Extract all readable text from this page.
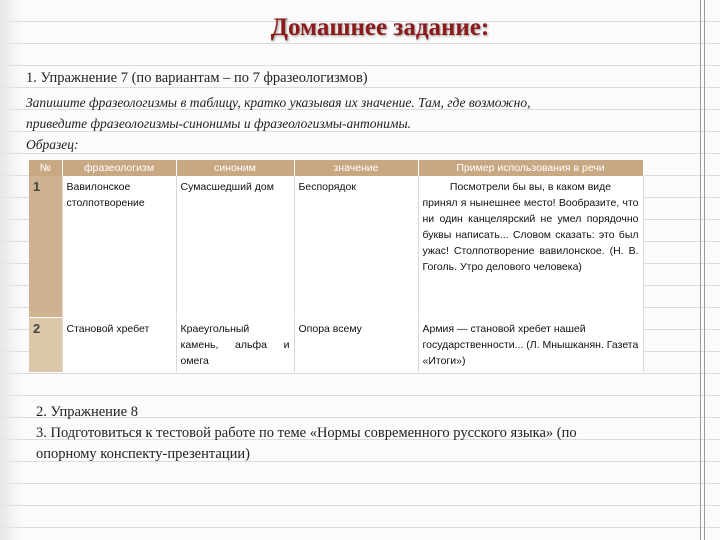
Домашнее задание:
1. Упражнение 7 (по вариантам – по 7 фразеологизмов)
Запишите фразеологизмы в таблицу, кратко указывая их значение. Там, где возможно,
приведите фразеологизмы-синонимы и фразеологизмы-антонимы.
Образец:
№	фразеологизм	синоним	значение	Пример использования в речи
1	Вавилонское столпотворение	Сумасшедший дом	Беспорядок	Посмотрели бы вы, в каком виде
принял я нынешнее место! Вообразите, что ни один канцелярский не умел порядочно буквы написать... Словом сказать: это был ужас! Столпотворение вавилонское. (Н. В. Гоголь. Утро делового человека)
2	Становой хребет	Краеугольный камень, альфа и омега	Опора всему	Армия — становой хребет нашей государственности... (Л. Мнышканян. Газета «Итоги»)
2. Упражнение 8
3. Подготовиться к тестовой работе по теме «Нормы современного русского языка» (по
опорному конспекту-презентации)
